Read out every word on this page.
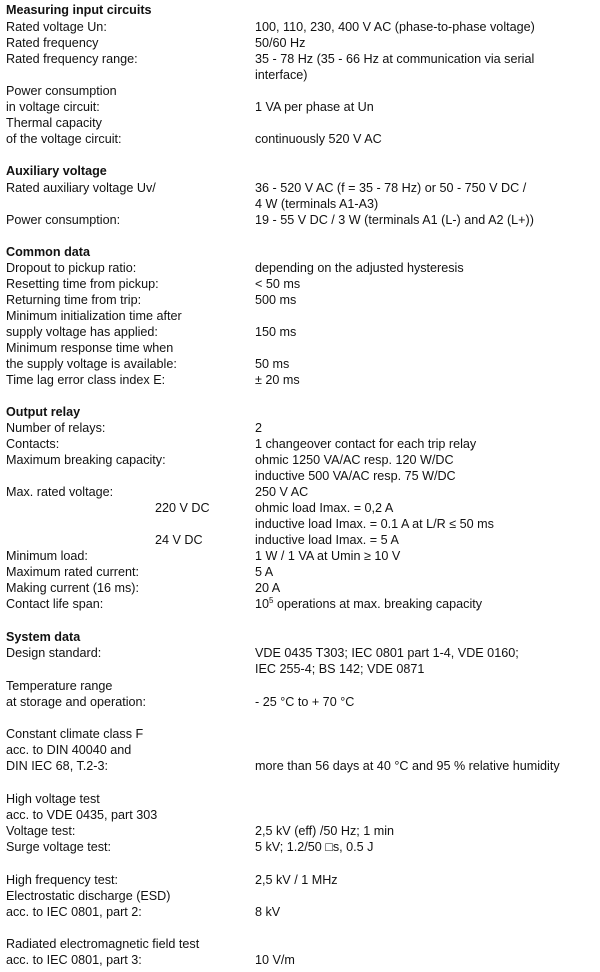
Measuring input circuits
Rated voltage Un:	100, 110, 230, 400 V AC (phase-to-phase voltage)
Rated frequency	50/60 Hz
Rated frequency range:	35 - 78 Hz (35 - 66 Hz at communication via serial
interface)
Power consumption
in voltage circuit:	1 VA per phase at Un
Thermal capacity
of the voltage circuit:	continuously 520 V AC
Auxiliary voltage
Rated auxiliary voltage Uv/	36 - 520 V AC (f = 35 - 78 Hz) or 50 - 750 V DC /
4 W (terminals A1-A3)
Power consumption:	19 - 55 V DC / 3 W (terminals A1 (L-) and A2 (L+))
Common data
Dropout to pickup ratio:	depending on the adjusted hysteresis
Resetting time from pickup:	< 50 ms
Returning time from trip:	500 ms
Minimum initialization time after
supply voltage has applied:	150 ms
Minimum response time when
the supply voltage is available:	50 ms
Time lag error class index E:	± 20 ms
Output relay
Number of relays:	2
Contacts:	1 changeover contact for each trip relay
Maximum breaking capacity:	ohmic 1250 VA/AC resp. 120 W/DC
inductive 500 VA/AC resp. 75 W/DC
Max. rated voltage:	250 V AC
220 V DC	ohmic load Imax. = 0,2 A
inductive load Imax. = 0.1 A at L/R ≤ 50 ms
24 V DC	inductive load Imax. = 5 A
Minimum load:	1 W / 1 VA at Umin ≥ 10 V
Maximum rated current:	5 A
Making current (16 ms):	20 A
Contact life span:	$10^5$ operations at max. breaking capacity
System data
Design standard:	VDE 0435 T303; IEC 0801 part 1-4, VDE 0160;
IEC 255-4; BS 142; VDE 0871
Temperature range
at storage and operation:	- 25 °C to + 70 °C
Constant climate class F
acc. to DIN 40040 and
DIN IEC 68, T.2-3:	more than 56 days at 40 °C and 95 % relative humidity
High voltage test
acc. to VDE 0435, part 303
Voltage test:	2,5 kV (eff) /50 Hz; 1 min
Surge voltage test:	5 kV; 1.2/50 □s, 0.5 J
High frequency test:	2,5 kV / 1 MHz
Electrostatic discharge (ESD)
acc. to IEC 0801, part 2:	8 kV
Radiated electromagnetic field test
acc. to IEC 0801, part 3:	10 V/m
